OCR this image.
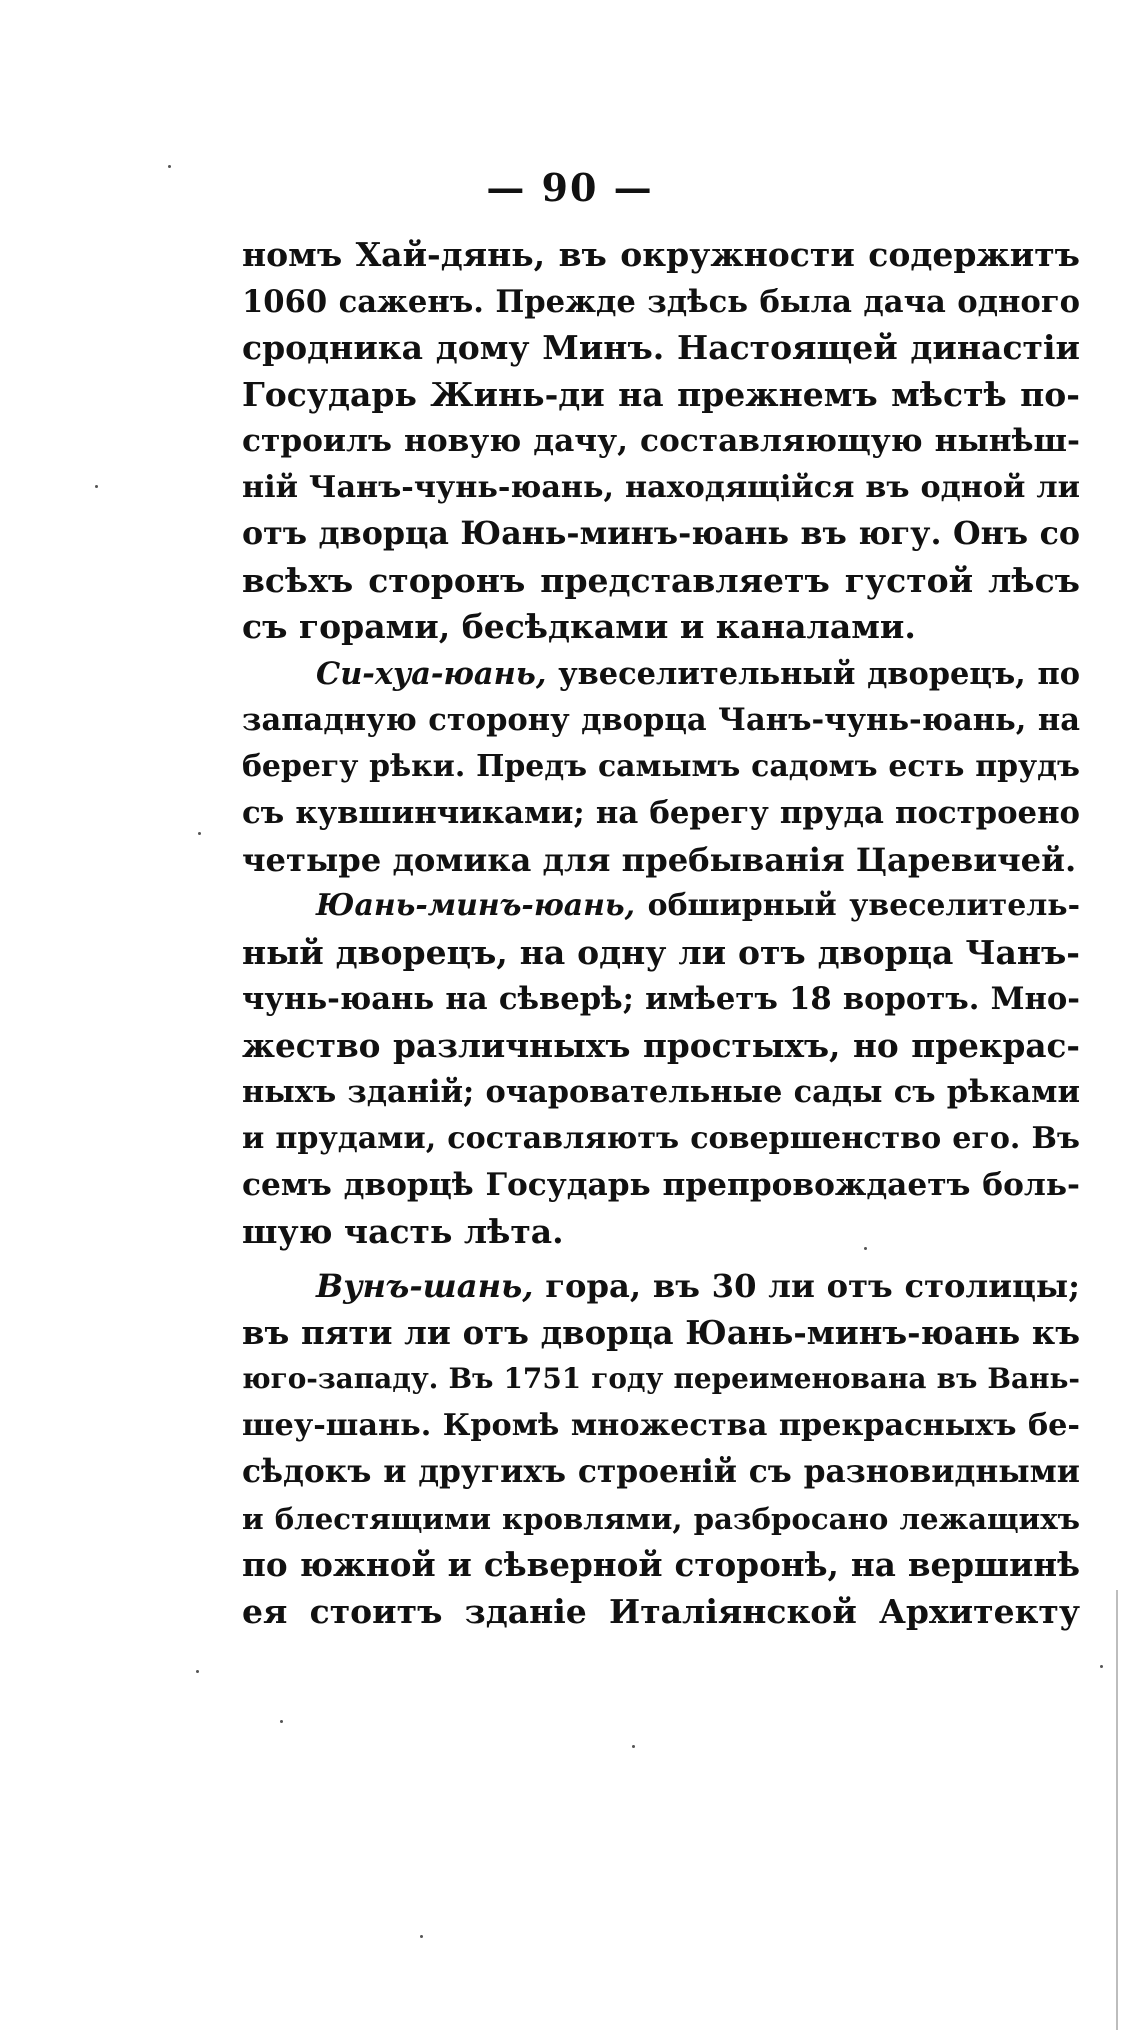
— 90 —
номъ Хай-дянь, въ окружности содержитъ
1060 саженъ. Прежде здѣсь была дача одного
сродника дому Минъ. Настоящей династіи
Государь Жинь-ди на прежнемъ мѣстѣ по-
строилъ новую дачу, составляющую нынѣш-
ній Чанъ-чунь-юань, находящійся въ одной ли
отъ дворца Юань-минъ-юань въ югу. Онъ со
всѣхъ сторонъ представляетъ густой лѣсъ
съ горами, бесѣдками и каналами.
Си-хуа-юань, увеселительный дворецъ, по
западную сторону дворца Чанъ-чунь-юань, на
берегу рѣки. Предъ самымъ садомъ есть прудъ
съ кувшинчиками; на берегу пруда построено
четыре домика для пребыванія Царевичей.
Юань-минъ-юань, обширный увеселитель-
ный дворецъ, на одну ли отъ дворца Чанъ-
чунь-юань на сѣверѣ; имѣетъ 18 воротъ. Мно-
жество различныхъ простыхъ, но прекрас-
ныхъ зданій; очаровательные сады съ рѣками
и прудами, составляютъ совершенство его. Въ
семъ дворцѣ Государь препровождаетъ боль-
шую часть лѣта.
Вунъ-шань, гора, въ 30 ли отъ столицы;
въ пяти ли отъ дворца Юань-минъ-юань къ
юго-западу. Въ 1751 году переименована въ Вань-
шеу-шань. Кромѣ множества прекрасныхъ бе-
сѣдокъ и другихъ строеній съ разновидными
и блестящими кровлями, разбросано лежащихъ
по южной и сѣверной сторонѣ, на вершинѣ
ея стоитъ зданіе Италіянской Архитекту
